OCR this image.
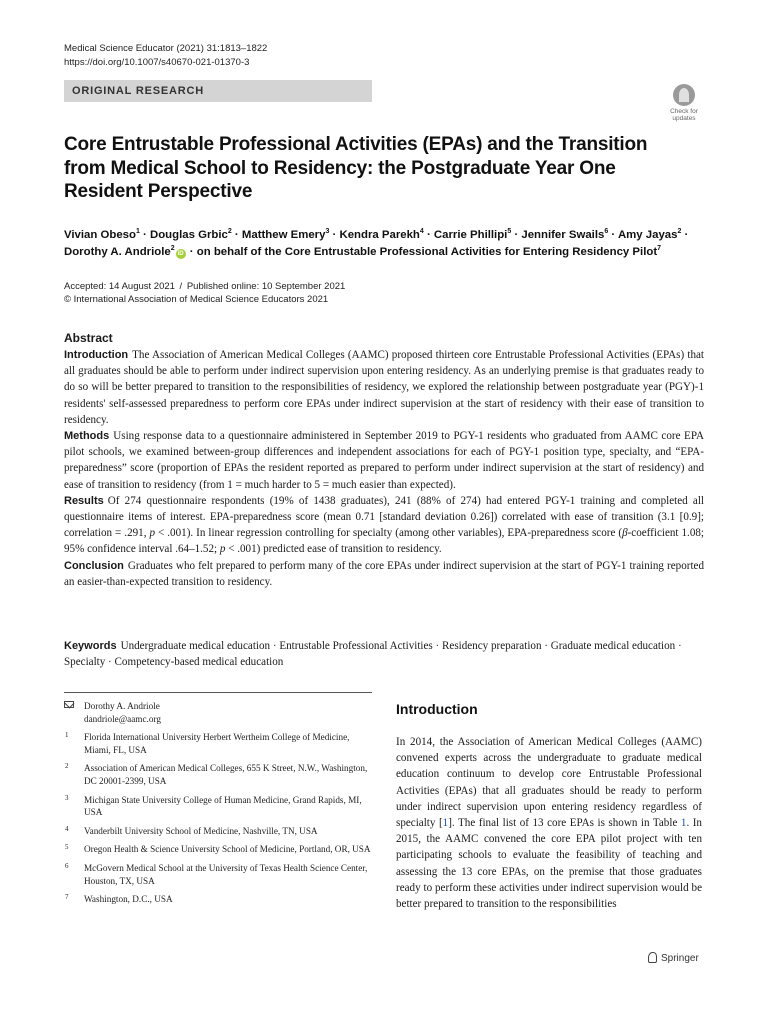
Medical Science Educator (2021) 31:1813–1822
https://doi.org/10.1007/s40670-021-01370-3
ORIGINAL RESEARCH
Check for updates
Core Entrustable Professional Activities (EPAs) and the Transition from Medical School to Residency: the Postgraduate Year One Resident Perspective
Vivian Obeso$^1$ · Douglas Grbic$^2$ · Matthew Emery$^3$ · Kendra Parekh$^4$ · Carrie Phillipi$^5$ · Jennifer Swails$^6$ · Amy Jayas$^2$ · Dorothy A. Andriole$^2$iD · on behalf of the Core Entrustable Professional Activities for Entering Residency Pilot$^7$
Accepted: 14 August 2021 / Published online: 10 September 2021
© International Association of Medical Science Educators 2021
Abstract

Introduction The Association of American Medical Colleges (AAMC) proposed thirteen core Entrustable Professional Activities (EPAs) that all graduates should be able to perform under indirect supervision upon entering residency. As an underlying premise is that graduates ready to do so will be better prepared to transition to the responsibilities of residency, we explored the relationship between postgraduate year (PGY)-1 residents' self-assessed preparedness to perform core EPAs under indirect supervision at the start of residency with their ease of transition to residency.

Methods Using response data to a questionnaire administered in September 2019 to PGY-1 residents who graduated from AAMC core EPA pilot schools, we examined between-group differences and independent associations for each of PGY-1 position type, specialty, and “EPA-preparedness” score (proportion of EPAs the resident reported as prepared to perform under indirect supervision at the start of residency) and ease of transition to residency (from 1 = much harder to 5 = much easier than expected).

Results Of 274 questionnaire respondents (19% of 1438 graduates), 241 (88% of 274) had entered PGY-1 training and completed all questionnaire items of interest. EPA-preparedness score (mean 0.71 [standard deviation 0.26]) correlated with ease of transition (3.1 [0.9]; correlation = .291, p < .001). In linear regression controlling for specialty (among other variables), EPA-preparedness score (β-coefficient 1.08; 95% confidence interval .64–1.52; p < .001) predicted ease of transition to residency.

Conclusion Graduates who felt prepared to perform many of the core EPAs under indirect supervision at the start of PGY-1 training reported an easier-than-expected transition to residency.

Keywords Undergraduate medical education · Entrustable Professional Activities · Residency preparation · Graduate medical education · Specialty · Competency-based medical education
Dorothy A. Andriole
dandriole@aamc.org
1 Florida International University Herbert Wertheim College of Medicine, Miami, FL, USA
2 Association of American Medical Colleges, 655 K Street, N.W., Washington, DC 20001-2399, USA
3 Michigan State University College of Human Medicine, Grand Rapids, MI, USA
4 Vanderbilt University School of Medicine, Nashville, TN, USA
5 Oregon Health & Science University School of Medicine, Portland, OR, USA
6 McGovern Medical School at the University of Texas Health Science Center, Houston, TX, USA
7 Washington, D.C., USA
Introduction
In 2014, the Association of American Medical Colleges (AAMC) convened experts across the undergraduate to graduate medical education continuum to develop core Entrustable Professional Activities (EPAs) that all graduates should be ready to perform under indirect supervision upon entering residency regardless of specialty [1]. The final list of 13 core EPAs is shown in Table 1. In 2015, the AAMC convened the core EPA pilot project with ten participating schools to evaluate the feasibility of teaching and assessing the 13 core EPAs, on the premise that those graduates ready to perform these activities under indirect supervision would be better prepared to transition to the responsibilities
Springer
